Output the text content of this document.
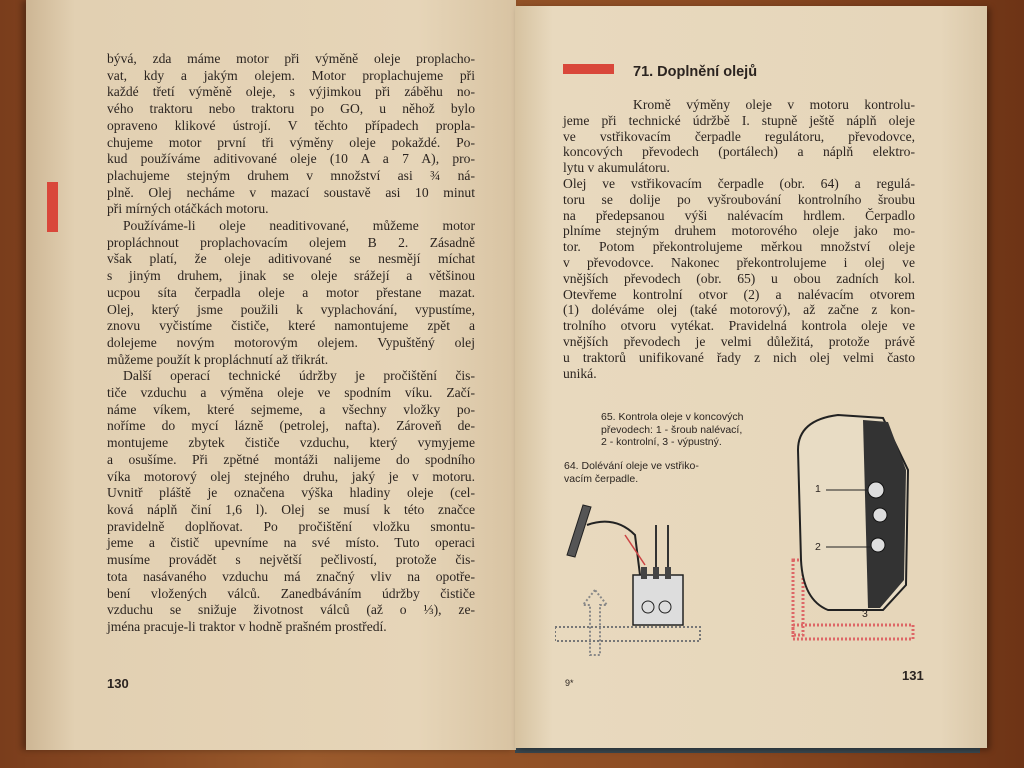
bývá, zda máme motor při výměně oleje proplacho-
vat, kdy a jakým olejem. Motor proplachujeme při
každé třetí výměně oleje, s výjimkou při záběhu no-
vého traktoru nebo traktoru po GO, u něhož bylo
opraveno klikové ústrojí. V těchto případech propla-
chujeme motor první tři výměny oleje pokaždé. Po-
kud používáme aditivované oleje (10 A a 7 A), pro-
plachujeme stejným druhem v množství asi ¾ ná-
plně. Olej necháme v mazací soustavě asi 10 minut
při mírných otáčkách motoru.
Používáme-li oleje neaditivované, můžeme motor
propláchnout proplachovacím olejem B 2. Zásadně
však platí, že oleje aditivované se nesmějí míchat
s jiným druhem, jinak se oleje srážejí a většinou
ucpou síta čerpadla oleje a motor přestane mazat.
Olej, který jsme použili k vyplachování, vypustíme,
znovu vyčistíme čističe, které namontujeme zpět a
dolejeme novým motorovým olejem. Vypuštěný olej
můžeme použít k propláchnutí až třikrát.
Další operací technické údržby je pročištění čis-
tiče vzduchu a výměna oleje ve spodním víku. Začí-
náme víkem, které sejmeme, a všechny vložky po-
noříme do mycí lázně (petrolej, nafta). Zároveň de-
montujeme zbytek čističe vzduchu, který vymyjeme
a osušíme. Při zpětné montáži nalijeme do spodního
víka motorový olej stejného druhu, jaký je v motoru.
Uvnitř pláště je označena výška hladiny oleje (cel-
ková náplň činí 1,6 l). Olej se musí k této značce
pravidelně doplňovat. Po pročištění vložku smontu-
jeme a čistič upevníme na své místo. Tuto operaci
musíme provádět s největší pečlivostí, protože čis-
tota nasávaného vzduchu má značný vliv na opotře-
bení vložených válců. Zanedbáváním údržby čističe
vzduchu se snižuje životnost válců (až o ⅓), ze-
jména pracuje-li traktor v hodně prašném prostředí.
130
71. Doplnění olejů
Kromě výměny oleje v motoru kontrolu-
jeme při technické údržbě I. stupně ještě náplň oleje
ve vstřikovacím čerpadle regulátoru, převodovce,
koncových převodech (portálech) a náplň elektro-
lytu v akumulátoru.
Olej ve vstřikovacím čerpadle (obr. 64) a regulá-
toru se dolije po vyšroubování kontrolního šroubu
na předepsanou výši nalévacím hrdlem. Čerpadlo
plníme stejným druhem motorového oleje jako mo-
tor. Potom překontrolujeme měrkou množství oleje
v převodovce. Nakonec překontrolujeme i olej ve
vnějších převodech (obr. 65) u obou zadních kol.
Otevřeme kontrolní otvor (2) a nalévacím otvorem
(1) doléváme olej (také motorový), až začne z kon-
trolního otvoru vytékat. Pravidelná kontrola oleje ve
vnějších převodech je velmi důležitá, protože právě
u traktorů unifikované řady z nich olej velmi často
uniká.
65. Kontrola oleje v koncových
převodech: 1 - šroub nalévací,
2 - kontrolní, 3 - výpustný.
64. Dolévání oleje ve vstřiko-
vacím čerpadle.
1
2
3
9*	131
